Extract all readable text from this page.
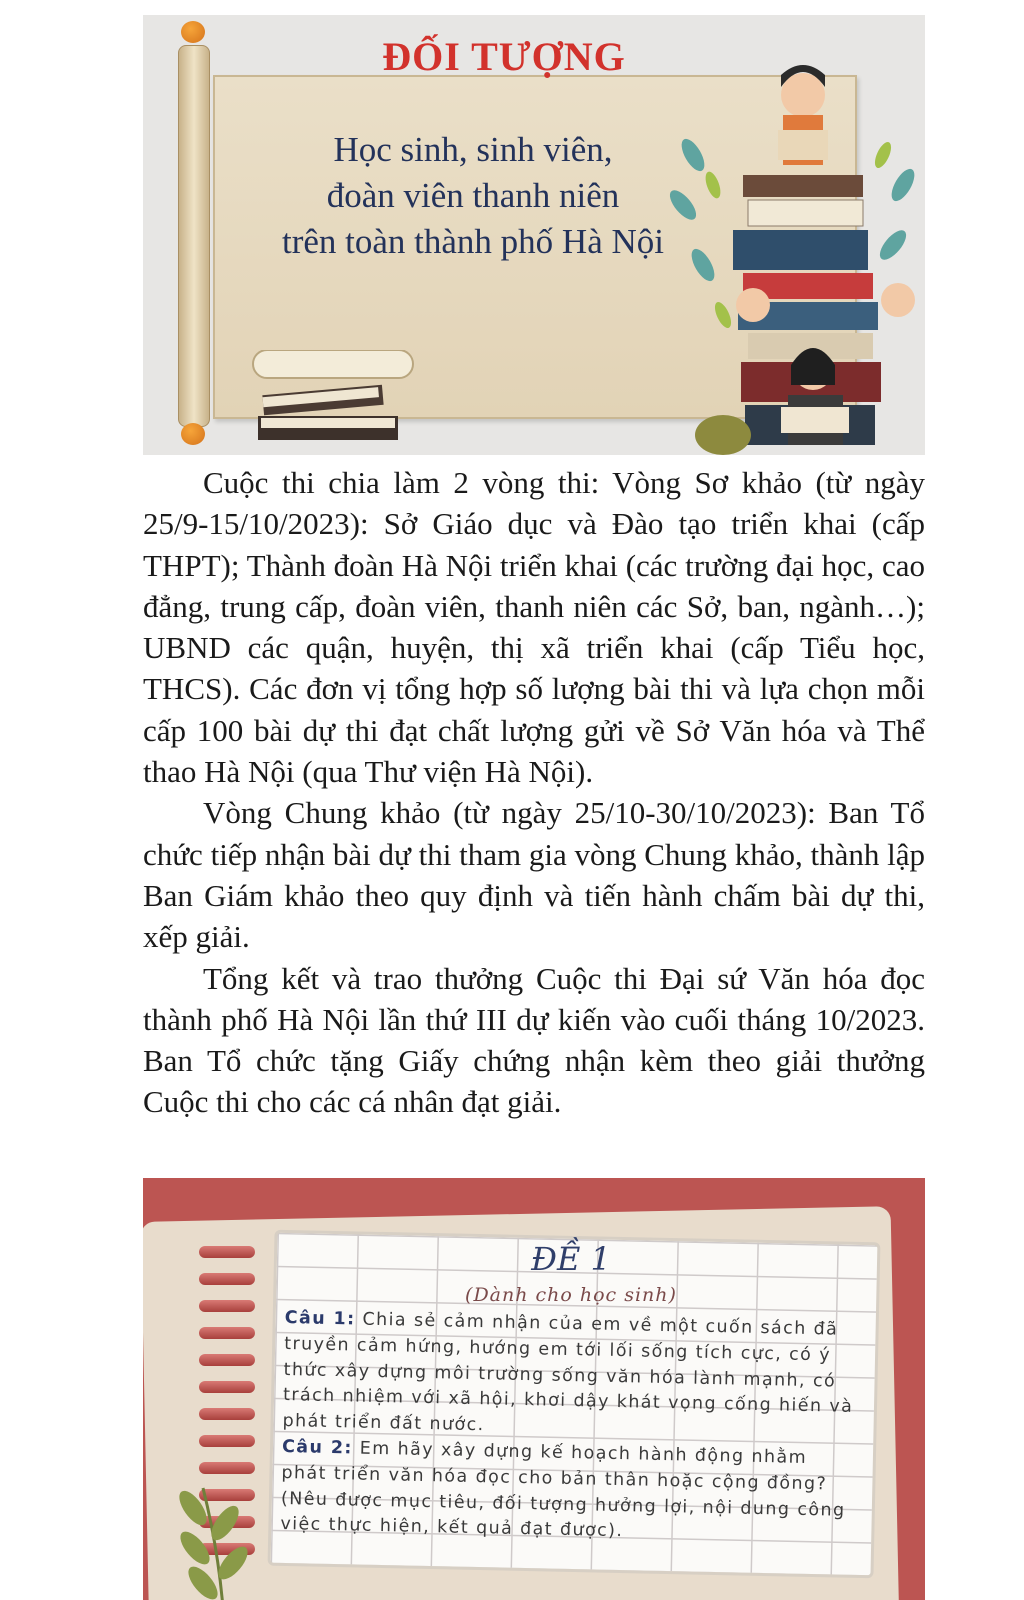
ĐỐI TƯỢNG
Học sinh, sinh viên,
đoàn viên thanh niên
trên toàn thành phố Hà Nội

Cuộc thi chia làm 2 vòng thi: Vòng Sơ khảo (từ ngày 25/9-15/10/2023): Sở Giáo dục và Đào tạo triển khai (cấp THPT); Thành đoàn Hà Nội triển khai (các trường đại học, cao đẳng, trung cấp, đoàn viên, thanh niên các Sở, ban, ngành…); UBND các quận, huyện, thị xã triển khai (cấp Tiểu học, THCS). Các đơn vị tổng hợp số lượng bài thi và lựa chọn mỗi cấp 100 bài dự thi đạt chất lượng gửi về Sở Văn hóa và Thể thao Hà Nội (qua Thư viện Hà Nội).

Vòng Chung khảo (từ ngày 25/10-30/10/2023): Ban Tổ chức tiếp nhận bài dự thi tham gia vòng Chung khảo, thành lập Ban Giám khảo theo quy định và tiến hành chấm bài dự thi, xếp giải.

Tổng kết và trao thưởng Cuộc thi Đại sứ Văn hóa đọc thành phố Hà Nội lần thứ III dự kiến vào cuối tháng 10/2023. Ban Tổ chức tặng Giấy chứng nhận kèm theo giải thưởng Cuộc thi cho các cá nhân đạt giải.

ĐỀ 1
(Dành cho học sinh)

Câu 1: Chia sẻ cảm nhận của em về một cuốn sách đã truyền cảm hứng, hướng em tới lối sống tích cực, có ý thức xây dựng môi trường sống văn hóa lành mạnh, có trách nhiệm với xã hội, khơi dậy khát vọng cống hiến và phát triển đất nước.

Câu 2: Em hãy xây dựng kế hoạch hành động nhằm phát triển văn hóa đọc cho bản thân hoặc cộng đồng? (Nêu được mục tiêu, đối tượng hưởng lợi, nội dung công việc thực hiện, kết quả đạt được).
